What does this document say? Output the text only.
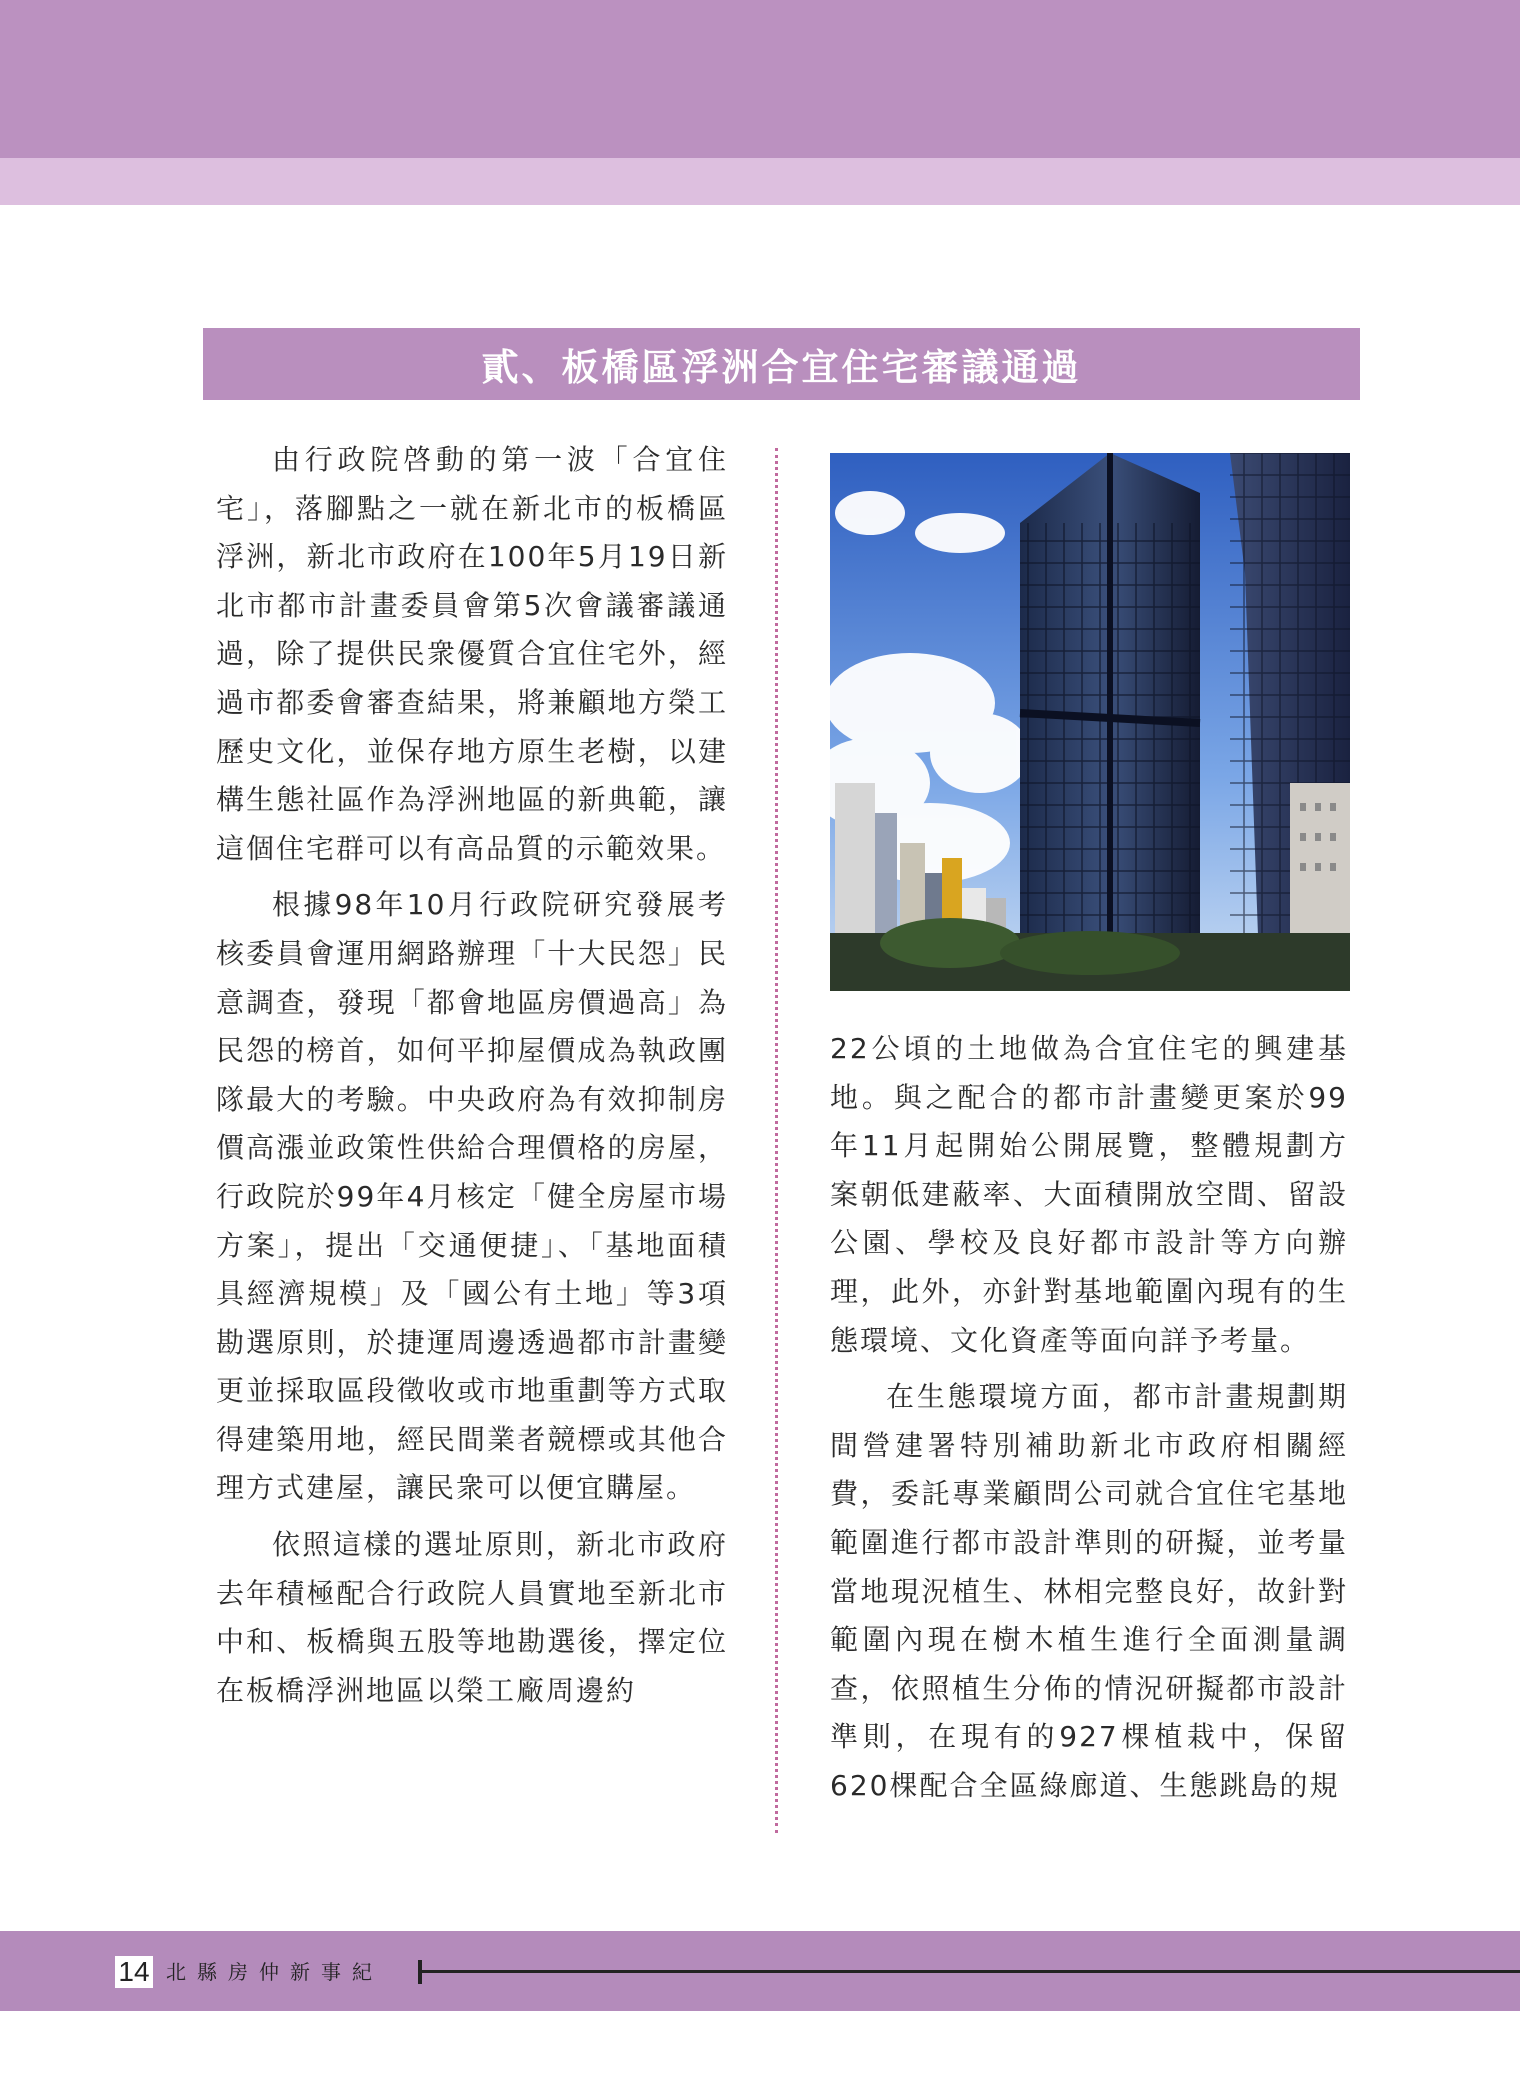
貳、板橋區浮洲合宜住宅審議通過

由行政院啓動的第一波「合宜住宅」，落腳點之一就在新北市的板橋區浮洲，新北市政府在100年5月19日新北市都市計畫委員會第5次會議審議通過，除了提供民衆優質合宜住宅外，經過市都委會審查結果，將兼顧地方榮工歷史文化，並保存地方原生老樹，以建構生態社區作為浮洲地區的新典範，讓這個住宅群可以有高品質的示範效果。

根據98年10月行政院研究發展考核委員會運用網路辦理「十大民怨」民意調查，發現「都會地區房價過高」為民怨的榜首，如何平抑屋價成為執政團隊最大的考驗。中央政府為有效抑制房價高漲並政策性供給合理價格的房屋，行政院於99年4月核定「健全房屋市場方案」，提出「交通便捷」、「基地面積具經濟規模」及「國公有土地」等3項勘選原則，於捷運周邊透過都市計畫變更並採取區段徵收或市地重劃等方式取得建築用地，經民間業者競標或其他合理方式建屋，讓民衆可以便宜購屋。

依照這樣的選址原則，新北市政府去年積極配合行政院人員實地至新北市中和、板橋與五股等地勘選後，擇定位在板橋浮洲地區以榮工廠周邊約

22公頃的土地做為合宜住宅的興建基地。與之配合的都市計畫變更案於99年11月起開始公開展覽，整體規劃方案朝低建蔽率、大面積開放空間、留設公園、學校及良好都市設計等方向辦理，此外，亦針對基地範圍內現有的生態環境、文化資產等面向詳予考量。

在生態環境方面，都市計畫規劃期間營建署特別補助新北市政府相關經費，委託專業顧問公司就合宜住宅基地範圍進行都市設計準則的研擬，並考量當地現況植生、林相完整良好，故針對範圍內現在樹木植生進行全面測量調查，依照植生分佈的情況研擬都市設計準則，在現有的927棵植栽中，保留620棵配合全區綠廊道、生態跳島的規

14 北縣房仲新事紀
